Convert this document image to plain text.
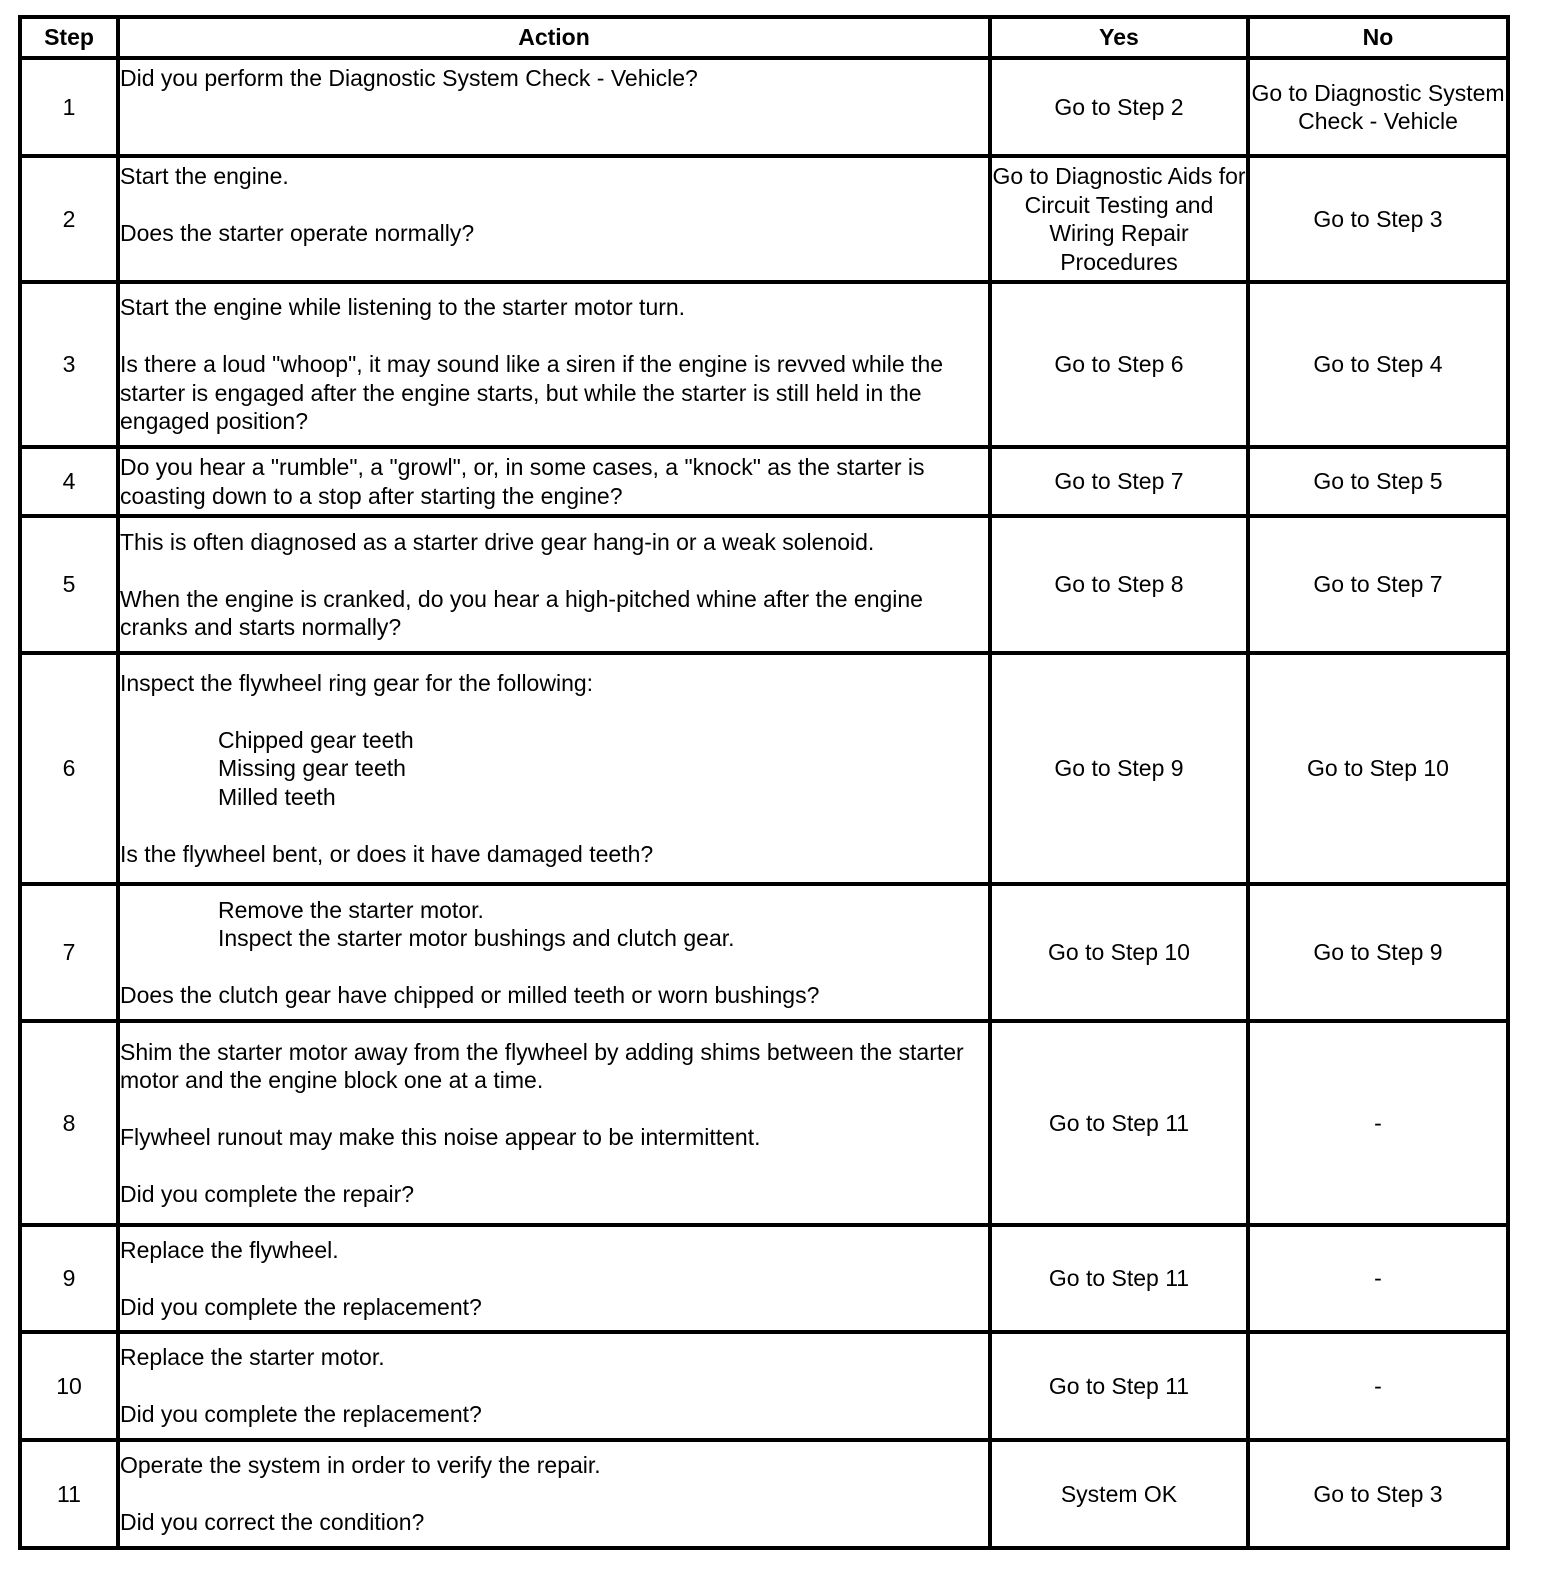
Step	Action	Yes	No
1	Did you perform the Diagnostic System Check - Vehicle?	Go to Step 2	Go to Diagnostic System Check - Vehicle
2	Start the engine.
Does the starter operate normally?	Go to Diagnostic Aids for Circuit Testing and Wiring Repair Procedures	Go to Step 3
3	Start the engine while listening to the starter motor turn.
Is there a loud "whoop", it may sound like a siren if the engine is revved while the starter is engaged after the engine starts, but while the starter is still held in the engaged position?	Go to Step 6	Go to Step 4
4	Do you hear a "rumble", a "growl", or, in some cases, a "knock" as the starter is coasting down to a stop after starting the engine?	Go to Step 7	Go to Step 5
5	This is often diagnosed as a starter drive gear hang-in or a weak solenoid.
When the engine is cranked, do you hear a high-pitched whine after the engine cranks and starts normally?	Go to Step 8	Go to Step 7
6	Inspect the flywheel ring gear for the following:
Chipped gear teeth
Missing gear teeth
Milled teeth
Is the flywheel bent, or does it have damaged teeth?	Go to Step 9	Go to Step 10
7	Remove the starter motor.
Inspect the starter motor bushings and clutch gear.
Does the clutch gear have chipped or milled teeth or worn bushings?	Go to Step 10	Go to Step 9
8	Shim the starter motor away from the flywheel by adding shims between the starter motor and the engine block one at a time.
Flywheel runout may make this noise appear to be intermittent.
Did you complete the repair?	Go to Step 11	-
9	Replace the flywheel.
Did you complete the replacement?	Go to Step 11	-
10	Replace the starter motor.
Did you complete the replacement?	Go to Step 11	-
11	Operate the system in order to verify the repair.
Did you correct the condition?	System OK	Go to Step 3
